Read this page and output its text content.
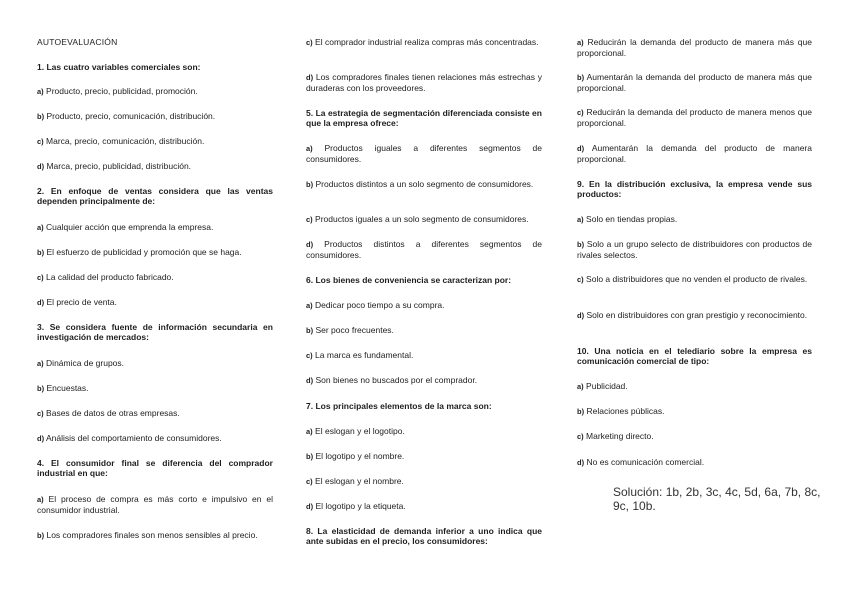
AUTOEVALUACIÓN
1. Las cuatro variables comerciales son:
a) Producto, precio, publicidad, promoción.
b) Producto, precio, comunicación, distribución.
c) Marca, precio, comunicación, distribución.
d) Marca, precio, publicidad, distribución.
2. En enfoque de ventas considera que las ventas dependen principalmente de:
a) Cualquier acción que emprenda la empresa.
b) El esfuerzo de publicidad y promoción que se haga.
c) La calidad del producto fabricado.
d) El precio de venta.
3. Se considera fuente de información secundaria en investigación de mercados:
a) Dinámica de grupos.
b) Encuestas.
c) Bases de datos de otras empresas.
d) Análisis del comportamiento de consumidores.
4. El consumidor final se diferencia del comprador industrial en que:
a) El proceso de compra es más corto e impulsivo en el consumidor industrial.
b) Los compradores finales son menos sensibles al precio.
c) El comprador industrial realiza compras más concentradas.
d) Los compradores finales tienen relaciones más estrechas y duraderas con los proveedores.
5. La estrategia de segmentación diferenciada consiste en que la empresa ofrece:
a) Productos iguales a diferentes segmentos de consumidores.
b) Productos distintos a un solo segmento de consumidores.
c) Productos iguales a un solo segmento de consumidores.
d) Productos distintos a diferentes segmentos de consumidores.
6. Los bienes de conveniencia se caracterizan por:
a) Dedicar poco tiempo a su compra.
b) Ser poco frecuentes.
c) La marca es fundamental.
d) Son bienes no buscados por el comprador.
7. Los principales elementos de la marca son:
a) El eslogan y el logotipo.
b) El logotipo y el nombre.
c) El eslogan y el nombre.
d) El logotipo y la etiqueta.
8. La elasticidad de demanda inferior a uno indica que ante subidas en el precio, los consumidores:
a) Reducirán la demanda del producto de manera más que proporcional.
b) Aumentarán la demanda del producto de manera más que proporcional.
c) Reducirán la demanda del producto de manera menos que proporcional.
d) Aumentarán la demanda del producto de manera proporcional.
9. En la distribución exclusiva, la empresa vende sus productos:
a) Solo en tiendas propias.
b) Solo a un grupo selecto de distribuidores con productos de rivales selectos.
c) Solo a distribuidores que no venden el producto de rivales.
d) Solo en distribuidores con gran prestigio y reconocimiento.
10. Una noticia en el telediario sobre la empresa es comunicación comercial de tipo:
a) Publicidad.
b) Relaciones públicas.
c) Marketing directo.
d) No es comunicación comercial.
Solución: 1b, 2b, 3c, 4c, 5d, 6a, 7b, 8c, 9c, 10b.
